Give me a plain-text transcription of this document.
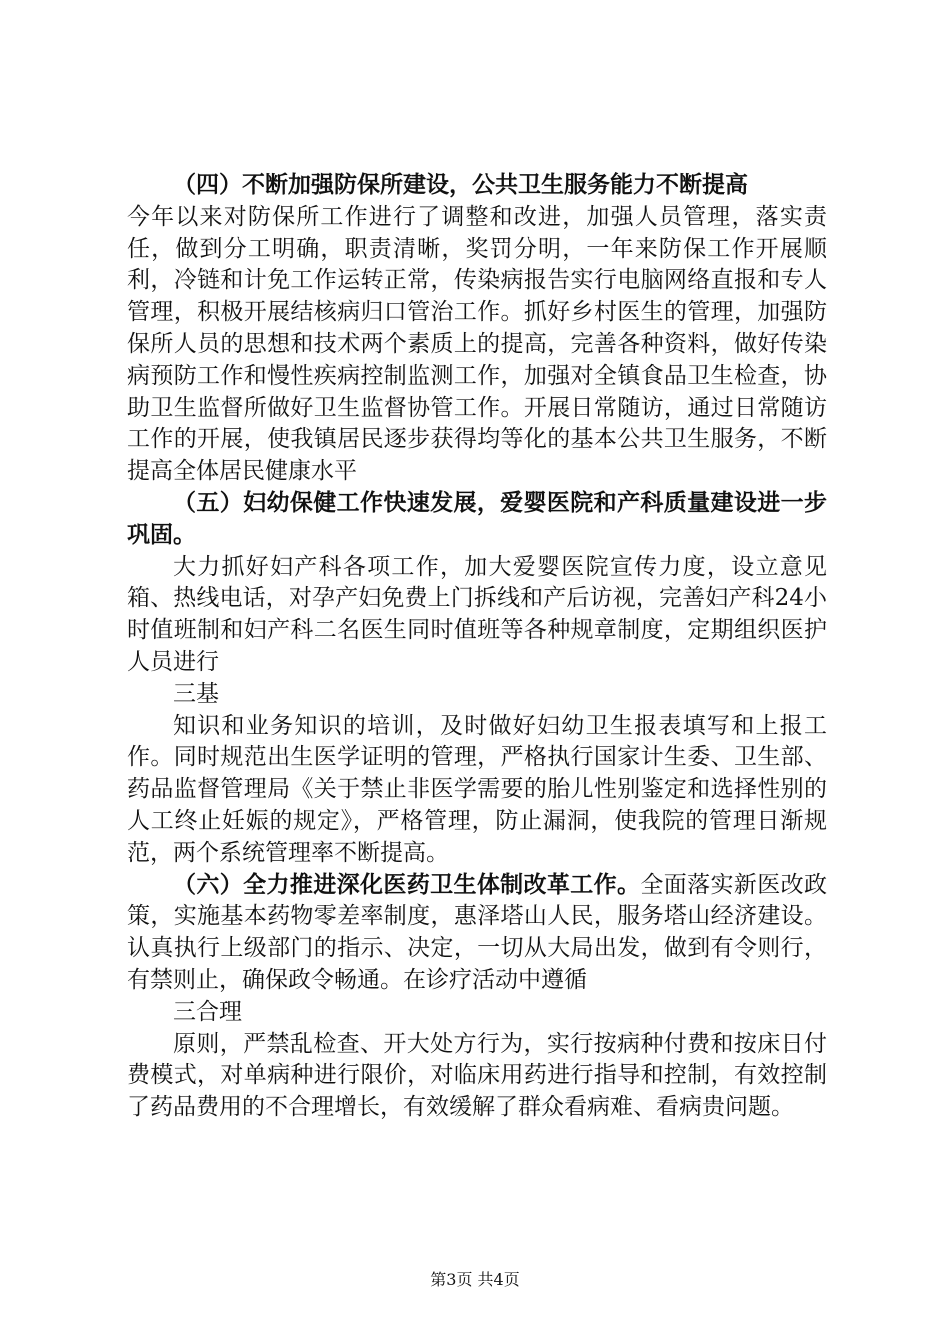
（四）不断加强防保所建设，公共卫生服务能力不断提高

今年以来对防保所工作进行了调整和改进，加强人员管理，落实责任，做到分工明确，职责清晰，奖罚分明，一年来防保工作开展顺利，冷链和计免工作运转正常，传染病报告实行电脑网络直报和专人管理，积极开展结核病归口管治工作。抓好乡村医生的管理，加强防保所人员的思想和技术两个素质上的提高，完善各种资料，做好传染病预防工作和慢性疾病控制监测工作，加强对全镇食品卫生检查，协助卫生监督所做好卫生监督协管工作。开展日常随访，通过日常随访工作的开展，使我镇居民逐步获得均等化的基本公共卫生服务，不断提高全体居民健康水平

（五）妇幼保健工作快速发展，爱婴医院和产科质量建设进一步巩固。

大力抓好妇产科各项工作，加大爱婴医院宣传力度，设立意见箱、热线电话，对孕产妇免费上门拆线和产后访视，完善妇产科24小时值班制和妇产科二名医生同时值班等各种规章制度，定期组织医护人员进行

三基

知识和业务知识的培训，及时做好妇幼卫生报表填写和上报工作。同时规范出生医学证明的管理，严格执行国家计生委、卫生部、药品监督管理局《关于禁止非医学需要的胎儿性别鉴定和选择性别的人工终止妊娠的规定》，严格管理，防止漏洞，使我院的管理日渐规范，两个系统管理率不断提高。

（六）全力推进深化医药卫生体制改革工作。全面落实新医改政策，实施基本药物零差率制度，惠泽塔山人民，服务塔山经济建设。认真执行上级部门的指示、决定，一切从大局出发，做到有令则行，有禁则止，确保政令畅通。在诊疗活动中遵循

三合理

原则，严禁乱检查、开大处方行为，实行按病种付费和按床日付费模式，对单病种进行限价，对临床用药进行指导和控制，有效控制了药品费用的不合理增长，有效缓解了群众看病难、看病贵问题。

第3页 共4页
